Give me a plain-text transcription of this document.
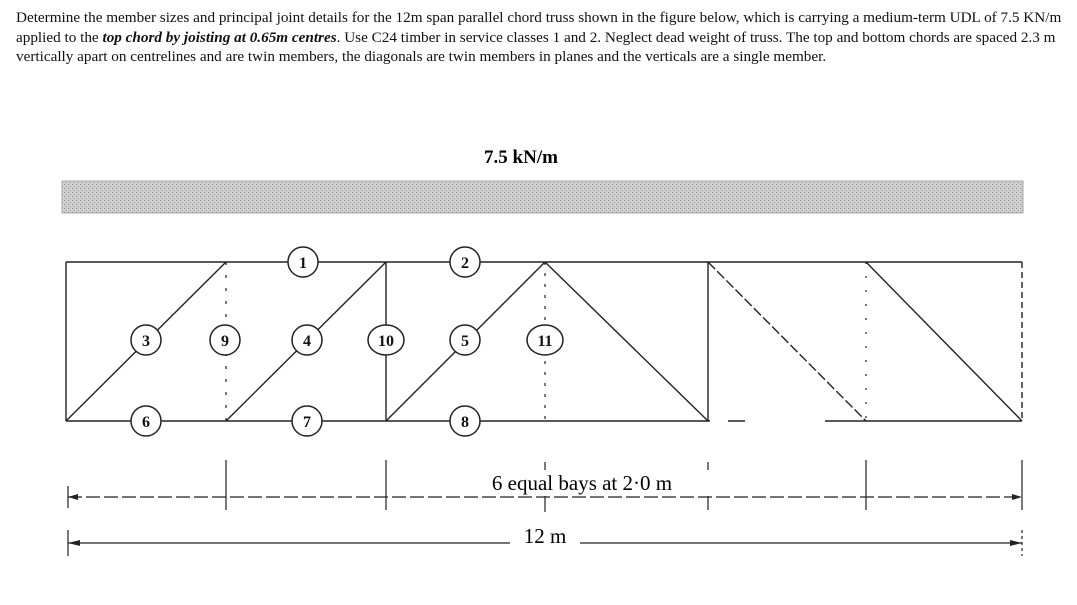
Determine the member sizes and principal joint details for the 12m span parallel chord truss shown in the figure below, which is carrying a medium-term UDL of 7.5 KN/m applied to the top chord by joisting at 0.65m centres. Use C24 timber in service classes 1 and 2. Neglect dead weight of truss. The top and bottom chords are spaced 2.3 m vertically apart on centrelines and are twin members, the diagonals are twin members in planes and the verticals are a single member.

7.5 kN/m
1	2
3	4	5
6	7	8
9	10	11
6 equal bays at 2·0 m
12 m
